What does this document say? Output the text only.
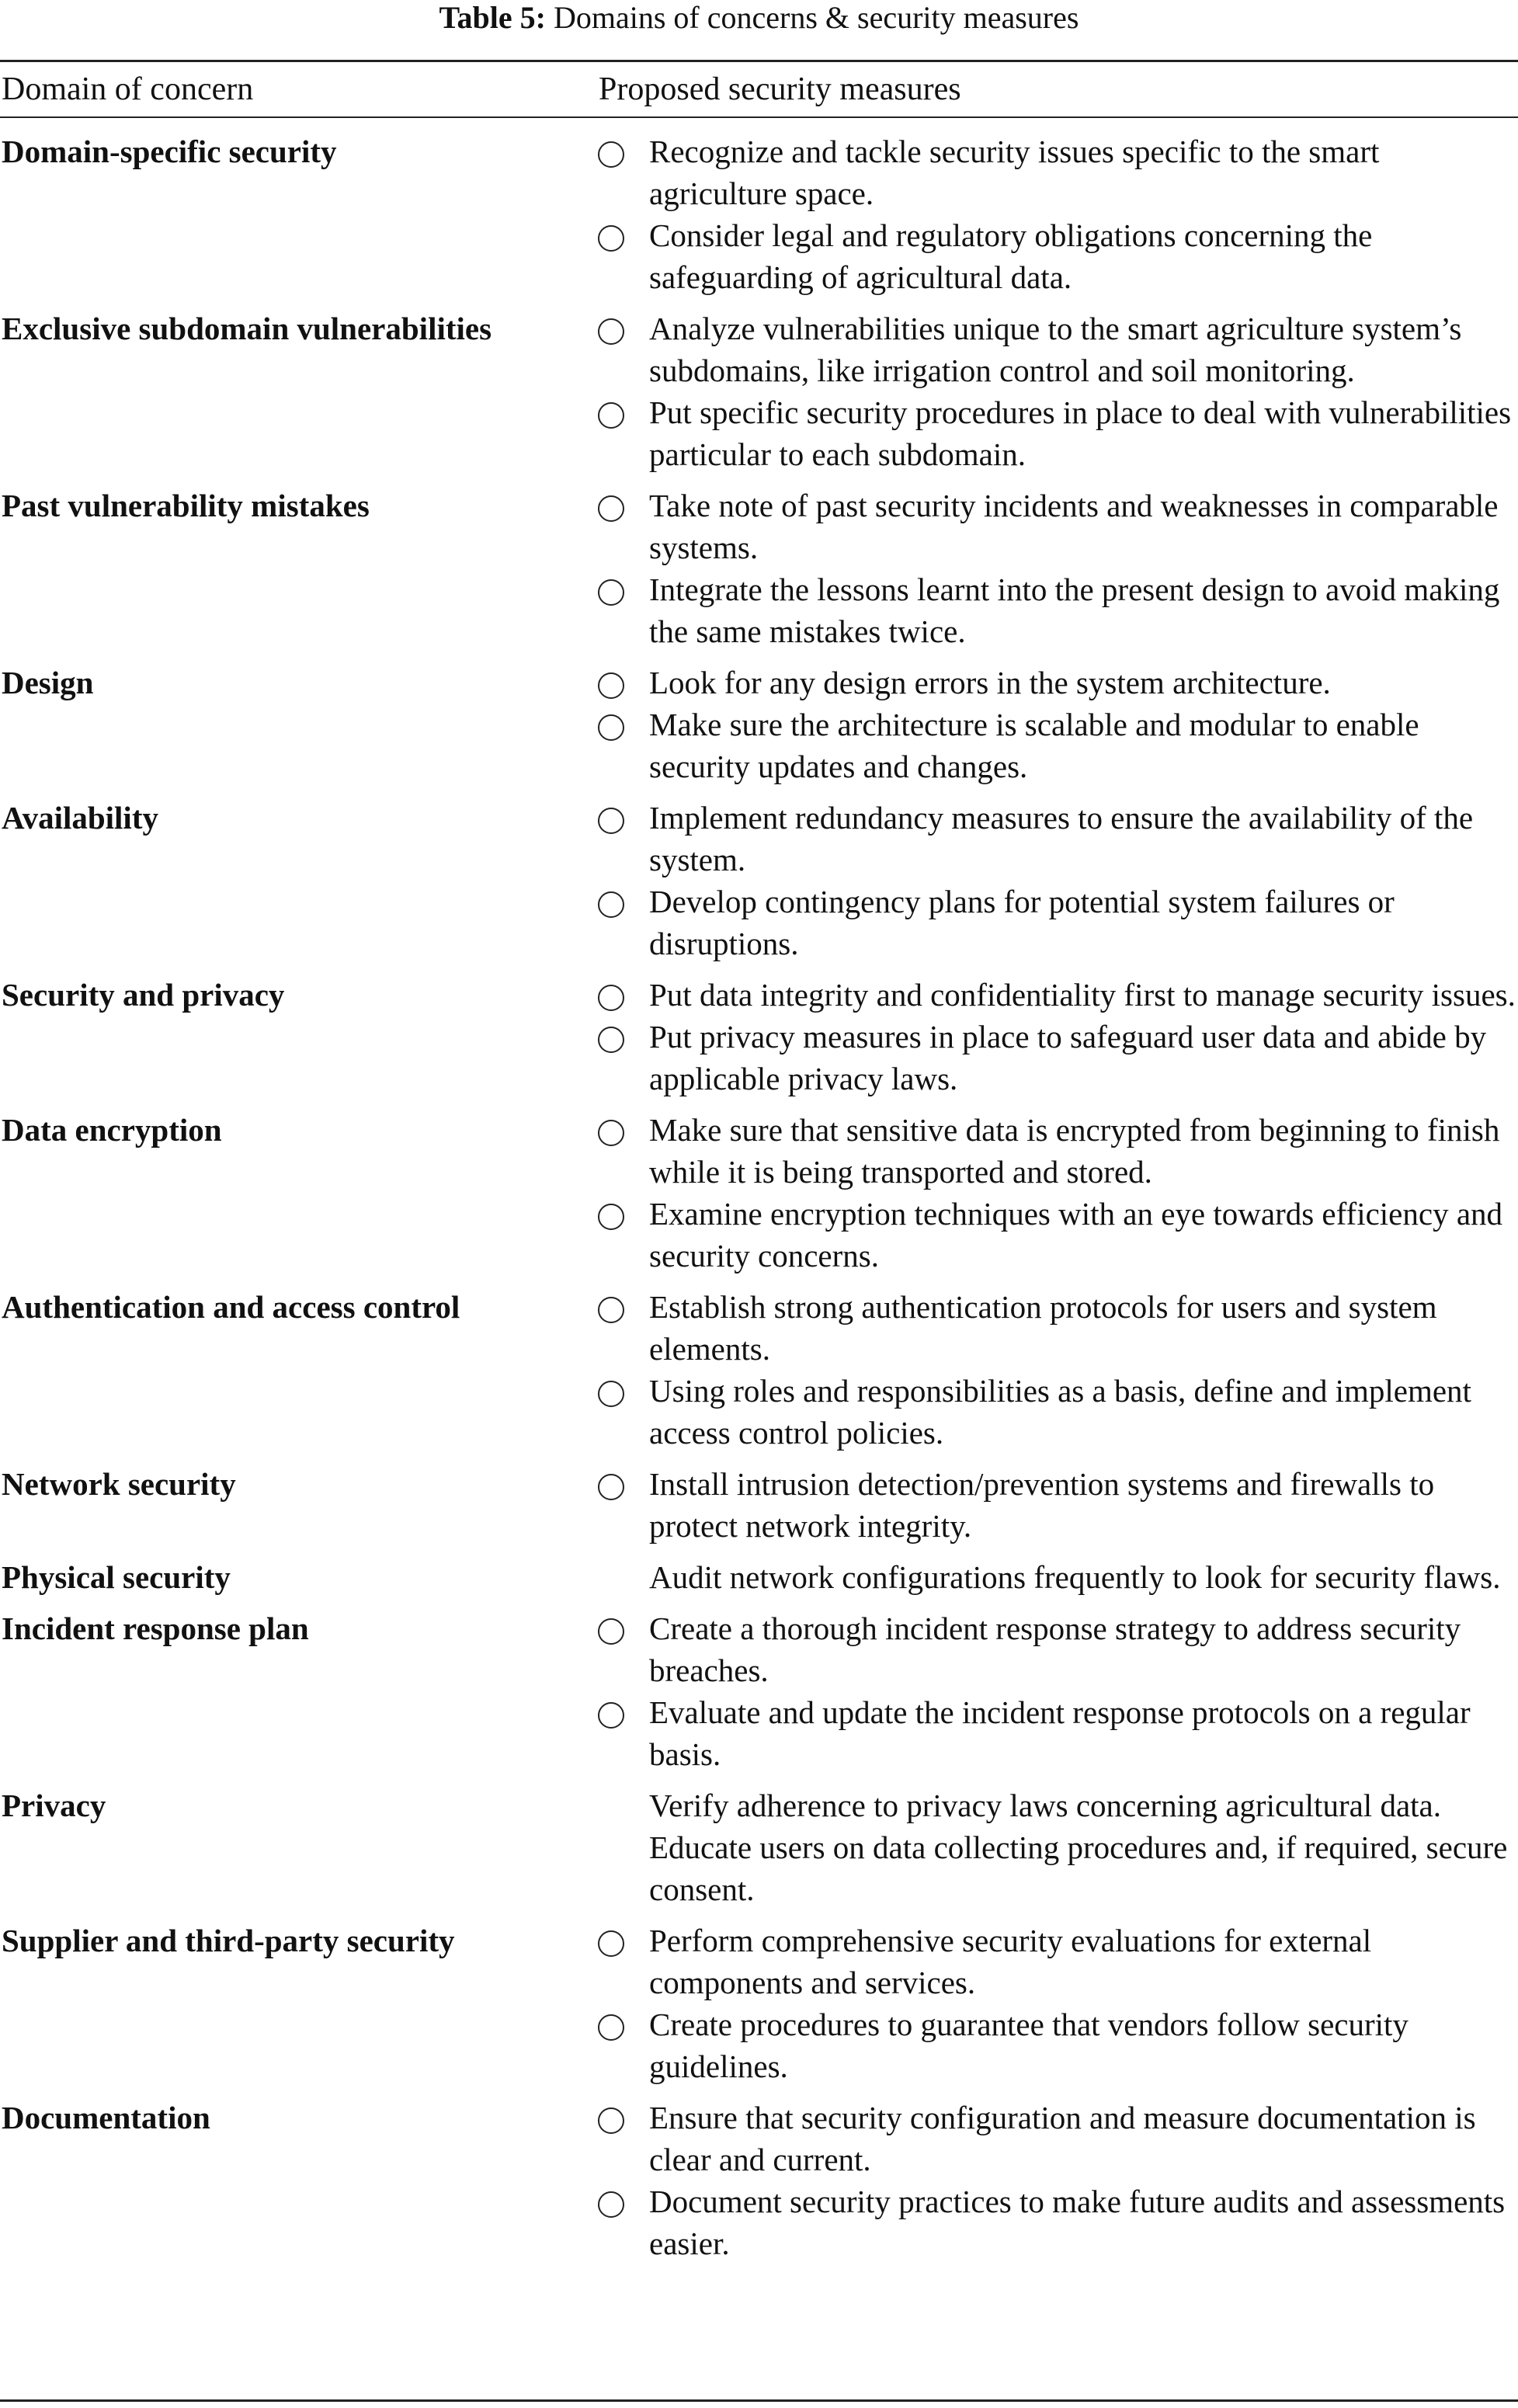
Table 5: Domains of concerns & security measures
Domain of concern	Proposed security measures
Domain-specific security	Recognize and tackle security issues specific to the smart agriculture space.
Consider legal and regulatory obligations concerning the safeguarding of agricultural data.
Exclusive subdomain vulnerabilities	Analyze vulnerabilities unique to the smart agriculture system’s subdomains, like irrigation control and soil monitoring.
Put specific security procedures in place to deal with vulnerabilities particular to each subdomain.
Past vulnerability mistakes	Take note of past security incidents and weaknesses in comparable systems.
Integrate the lessons learnt into the present design to avoid making the same mistakes twice.
Design	Look for any design errors in the system architecture.
Make sure the architecture is scalable and modular to enable security updates and changes.
Availability	Implement redundancy measures to ensure the availability of the system.
Develop contingency plans for potential system failures or disruptions.
Security and privacy	Put data integrity and confidentiality first to manage security issues.
Put privacy measures in place to safeguard user data and abide by applicable privacy laws.
Data encryption	Make sure that sensitive data is encrypted from beginning to finish while it is being transported and stored.
Examine encryption techniques with an eye towards efficiency and security concerns.
Authentication and access control	Establish strong authentication protocols for users and system elements.
Using roles and responsibilities as a basis, define and implement access control policies.
Network security	Install intrusion detection/prevention systems and firewalls to protect network integrity.
Physical security	Audit network configurations frequently to look for security flaws.
Incident response plan	Create a thorough incident response strategy to address security breaches.
Evaluate and update the incident response protocols on a regular basis.
Privacy	Verify adherence to privacy laws concerning agricultural data.
Educate users on data collecting procedures and, if required, secure consent.
Supplier and third-party security	Perform comprehensive security evaluations for external components and services.
Create procedures to guarantee that vendors follow security guidelines.
Documentation	Ensure that security configuration and measure documentation is clear and current.
Document security practices to make future audits and assessments easier.
